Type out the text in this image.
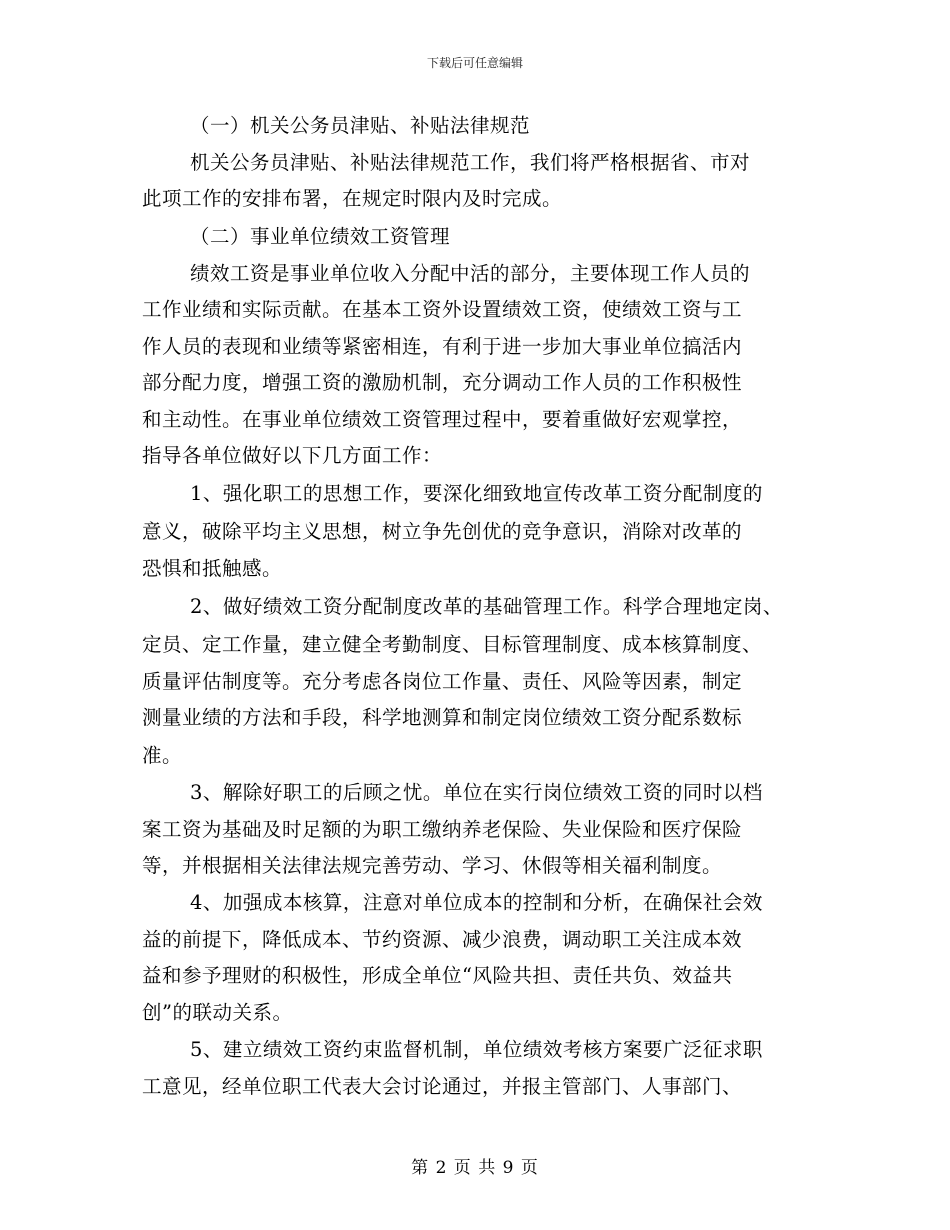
下载后可任意编辑
（一）机关公务员津贴、补贴法律规范
机关公务员津贴、补贴法律规范工作，我们将严格根据省、市对
此项工作的安排布署，在规定时限内及时完成。
（二）事业单位绩效工资管理
绩效工资是事业单位收入分配中活的部分，主要体现工作人员的
工作业绩和实际贡献。在基本工资外设置绩效工资，使绩效工资与工
作人员的表现和业绩等紧密相连，有利于进一步加大事业单位搞活内
部分配力度，增强工资的激励机制，充分调动工作人员的工作积极性
和主动性。在事业单位绩效工资管理过程中，要着重做好宏观掌控，
指导各单位做好以下几方面工作：
1、强化职工的思想工作，要深化细致地宣传改革工资分配制度的
意义，破除平均主义思想，树立争先创优的竞争意识，消除对改革的
恐惧和抵触感。
2、做好绩效工资分配制度改革的基础管理工作。科学合理地定岗、
定员、定工作量，建立健全考勤制度、目标管理制度、成本核算制度、
质量评估制度等。充分考虑各岗位工作量、责任、风险等因素，制定
测量业绩的方法和手段，科学地测算和制定岗位绩效工资分配系数标
准。
3、解除好职工的后顾之忧。单位在实行岗位绩效工资的同时以档
案工资为基础及时足额的为职工缴纳养老保险、失业保险和医疗保险
等，并根据相关法律法规完善劳动、学习、休假等相关福利制度。
4、加强成本核算，注意对单位成本的控制和分析，在确保社会效
益的前提下，降低成本、节约资源、减少浪费，调动职工关注成本效
益和参予理财的积极性，形成全单位“风险共担、责任共负、效益共
创”的联动关系。
5、建立绩效工资约束监督机制，单位绩效考核方案要广泛征求职
工意见，经单位职工代表大会讨论通过，并报主管部门、人事部门、
第 2 页 共 9 页
